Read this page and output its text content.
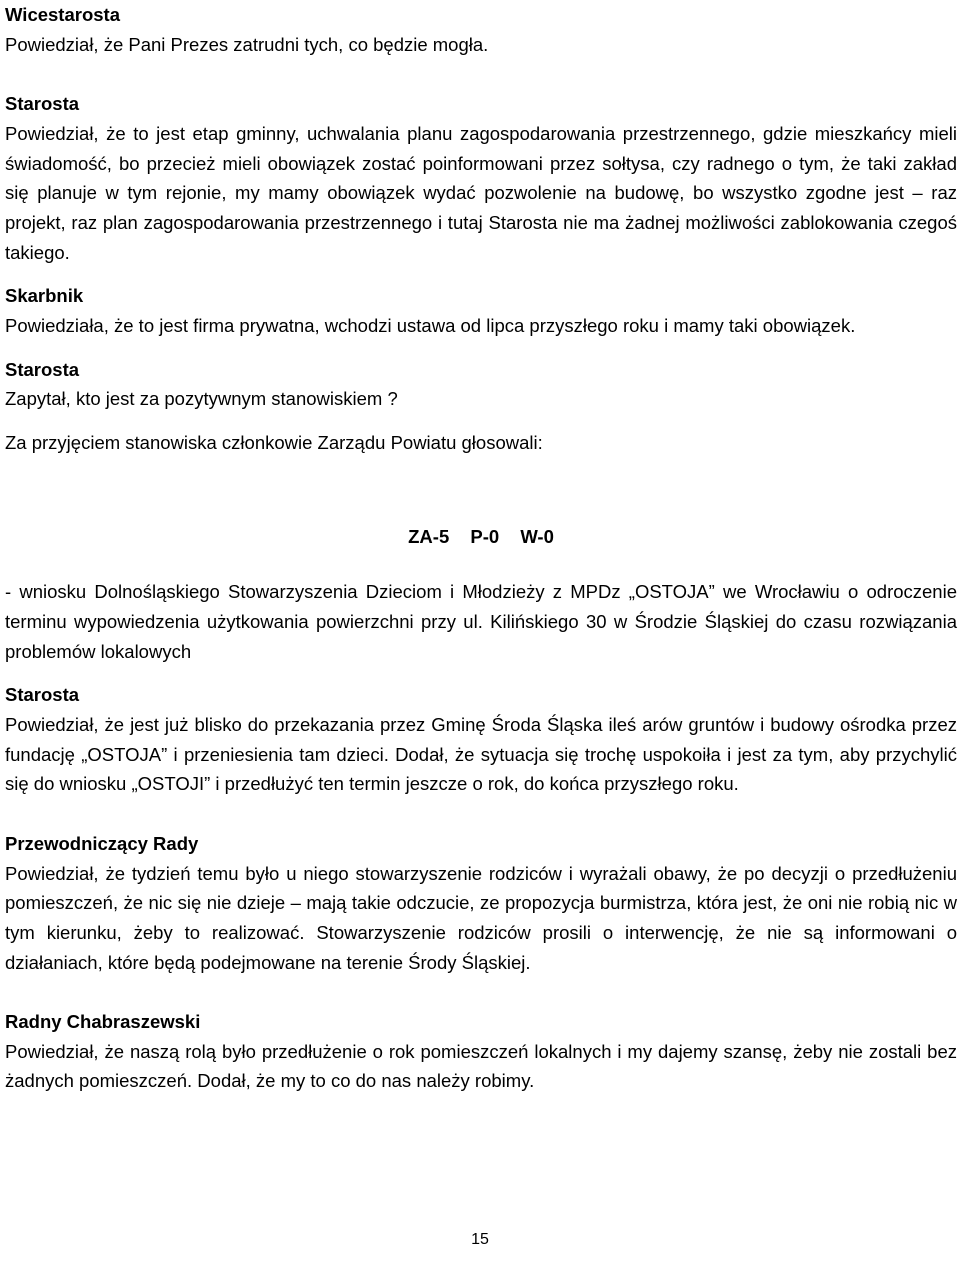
Wicestarosta
Powiedział, że Pani Prezes zatrudni tych, co będzie mogła.
Starosta
Powiedział, że to jest etap gminny, uchwalania planu zagospodarowania przestrzennego, gdzie mieszkańcy mieli świadomość, bo przecież mieli obowiązek zostać poinformowani przez sołtysa, czy radnego o tym, że taki zakład się planuje w tym rejonie, my mamy obowiązek wydać pozwolenie na budowę, bo wszystko zgodne jest – raz projekt, raz plan zagospodarowania przestrzennego i tutaj Starosta nie ma żadnej możliwości zablokowania czegoś takiego.
Skarbnik
Powiedziała, że to jest firma prywatna, wchodzi ustawa od lipca przyszłego roku i mamy taki obowiązek.
Starosta
Zapytał, kto jest za pozytywnym stanowiskiem ?
Za przyjęciem stanowiska członkowie Zarządu Powiatu głosowali:
ZA-5 P-0 W-0
- wniosku Dolnośląskiego Stowarzyszenia Dzieciom i Młodzieży z MPDz „OSTOJA” we Wrocławiu o odroczenie terminu wypowiedzenia użytkowania powierzchni przy ul. Kilińskiego 30 w Środzie Śląskiej do czasu rozwiązania problemów lokalowych
Starosta
Powiedział, że jest już blisko do przekazania przez Gminę Środa Śląska ileś arów gruntów i budowy ośrodka przez fundację „OSTOJA” i przeniesienia tam dzieci. Dodał, że sytuacja się trochę uspokoiła i jest za tym, aby przychylić się do wniosku „OSTOJI” i przedłużyć ten termin jeszcze o rok, do końca przyszłego roku.
Przewodniczący Rady
Powiedział, że tydzień temu było u niego stowarzyszenie rodziców i wyrażali obawy, że po decyzji o przedłużeniu pomieszczeń, że nic się nie dzieje – mają takie odczucie, ze propozycja burmistrza, która jest, że oni nie robią nic w tym kierunku, żeby to realizować. Stowarzyszenie rodziców prosili o interwencję, że nie są informowani o działaniach, które będą podejmowane na terenie Środy Śląskiej.
Radny Chabraszewski
Powiedział, że naszą rolą było przedłużenie o rok pomieszczeń lokalnych i my dajemy szansę, żeby nie zostali bez żadnych pomieszczeń. Dodał, że my to co do nas należy robimy.
15
